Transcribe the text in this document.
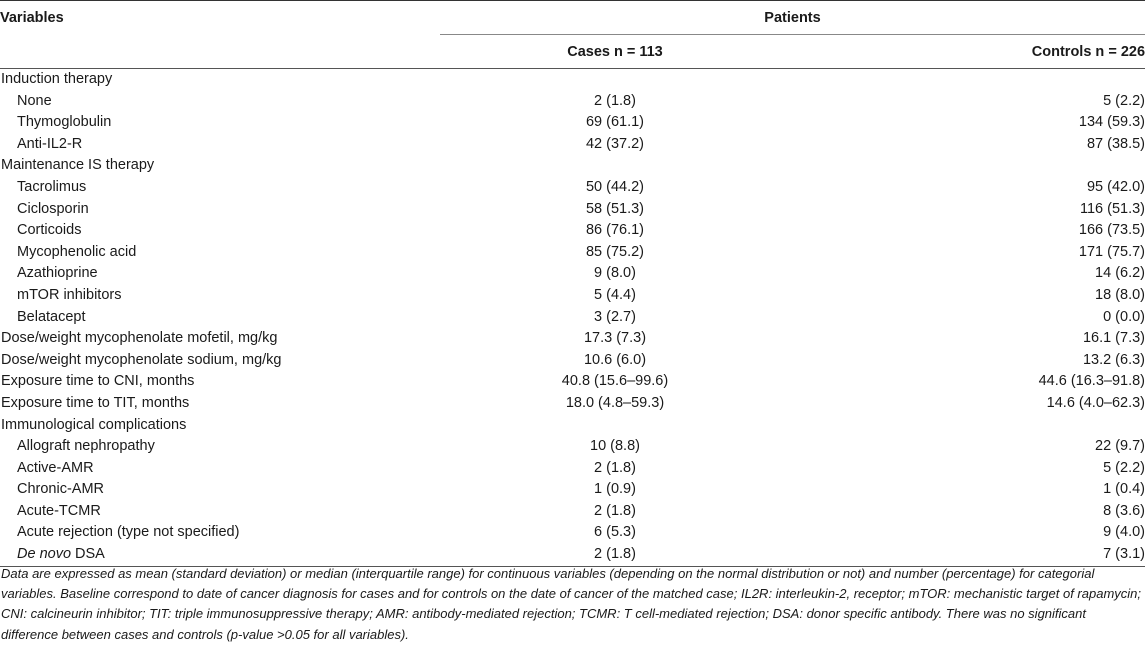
Variables	Patients	
	Cases n = 113	Controls n = 226
Induction therapy		
None	2 (1.8)	5 (2.2)
Thymoglobulin	69 (61.1)	134 (59.3)
Anti-IL2-R	42 (37.2)	87 (38.5)
Maintenance IS therapy		
Tacrolimus	50 (44.2)	95 (42.0)
Ciclosporin	58 (51.3)	116 (51.3)
Corticoids	86 (76.1)	166 (73.5)
Mycophenolic acid	85 (75.2)	171 (75.7)
Azathioprine	9 (8.0)	14 (6.2)
mTOR inhibitors	5 (4.4)	18 (8.0)
Belatacept	3 (2.7)	0 (0.0)
Dose/weight mycophenolate mofetil, mg/kg	17.3 (7.3)	16.1 (7.3)
Dose/weight mycophenolate sodium, mg/kg	10.6 (6.0)	13.2 (6.3)
Exposure time to CNI, months	40.8 (15.6–99.6)	44.6 (16.3–91.8)
Exposure time to TIT, months	18.0 (4.8–59.3)	14.6 (4.0–62.3)
Immunological complications		
Allograft nephropathy	10 (8.8)	22 (9.7)
Active-AMR	2 (1.8)	5 (2.2)
Chronic-AMR	1 (0.9)	1 (0.4)
Acute-TCMR	2 (1.8)	8 (3.6)
Acute rejection (type not specified)	6 (5.3)	9 (4.0)
De novo DSA	2 (1.8)	7 (3.1)
Data are expressed as mean (standard deviation) or median (interquartile range) for continuous variables (depending on the normal distribution or not) and number (percentage) for categorial variables. Baseline correspond to date of cancer diagnosis for cases and for controls on the date of cancer of the matched case; IL2R: interleukin-2, receptor; mTOR: mechanistic target of rapamycin; CNI: calcineurin inhibitor; TIT: triple immunosuppressive therapy; AMR: antibody-mediated rejection; TCMR: T cell-mediated rejection; DSA: donor specific antibody. There was no significant difference between cases and controls (p-value >0.05 for all variables).
